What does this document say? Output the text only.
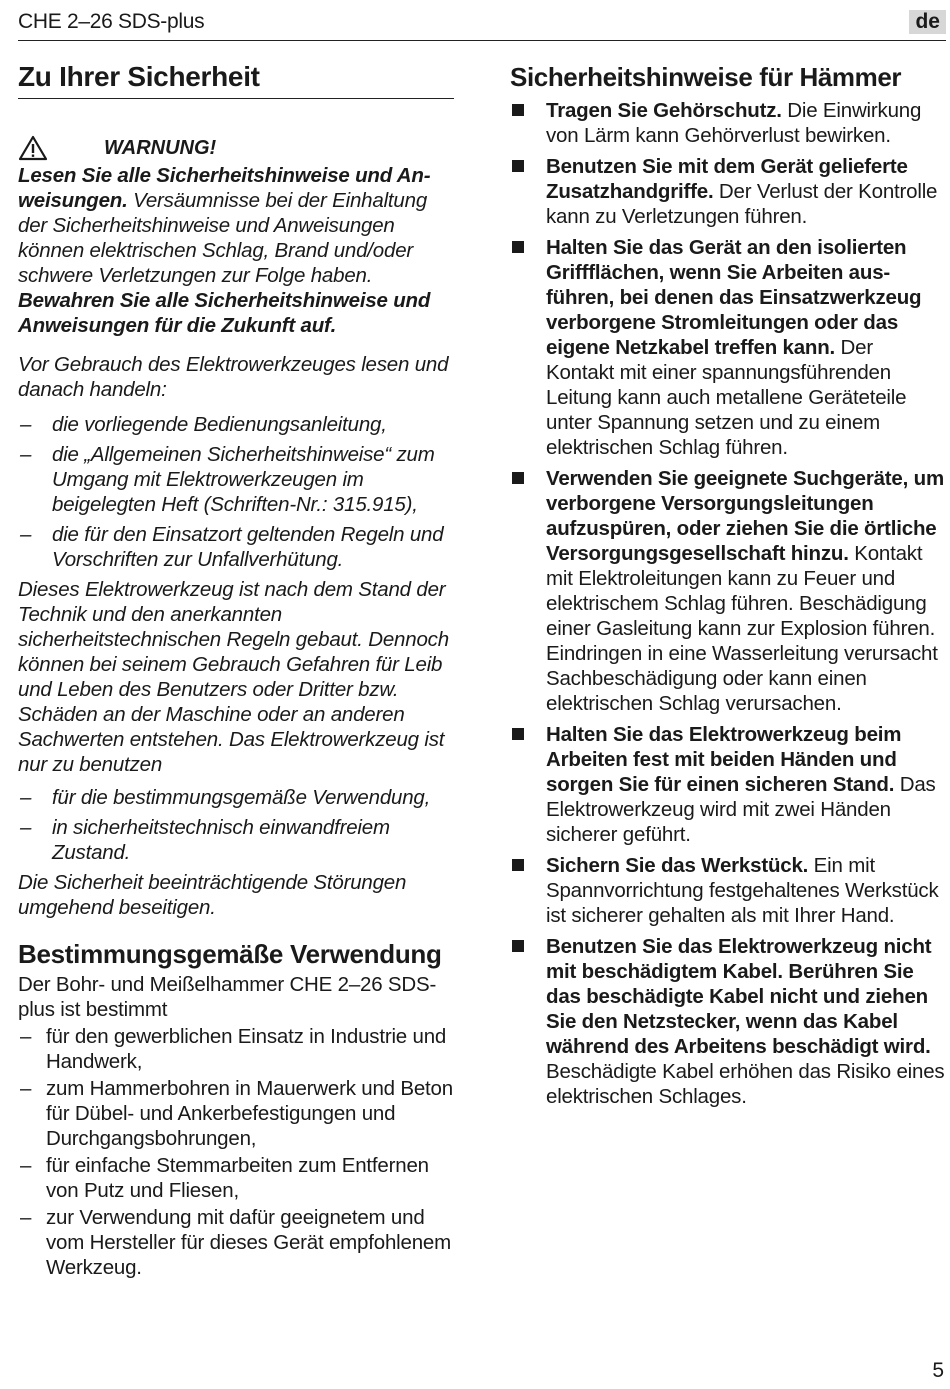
CHE 2–26 SDS-plus	de
Zu Ihrer Sicherheit
WARNUNG!

Lesen Sie alle Sicherheitshinweise und Anweisungen. Versäumnisse bei der Einhaltung der Sicherheitshinweise und Anweisungen können elektrischen Schlag, Brand und/oder schwere Verletzungen zur Folge haben.

Bewahren Sie alle Sicherheitshinweise und Anweisungen für die Zukunft auf.

Vor Gebrauch des Elektrowerkzeuges lesen und danach handeln:

– die vorliegende Bedienungsanleitung,
– die „Allgemeinen Sicherheitshinweise“ zum Umgang mit Elektrowerkzeugen im beigelegten Heft (Schriften-Nr.: 315.915),
– die für den Einsatzort geltenden Regeln und Vorschriften zur Unfallverhütung.

Dieses Elektrowerkzeug ist nach dem Stand der Technik und den anerkannten sicherheitstechnischen Regeln gebaut. Dennoch können bei seinem Gebrauch Gefahren für Leib und Leben des Benutzers oder Dritter bzw. Schäden an der Maschine oder an anderen Sachwerten entstehen. Das Elektrowerkzeug ist nur zu benutzen

– für die bestimmungsgemäße Verwendung,
– in sicherheitstechnisch einwandfreiem Zustand.

Die Sicherheit beeinträchtigende Störungen umgehend beseitigen.

Bestimmungsgemäße Verwendung

Der Bohr- und Meißelhammer CHE 2–26 SDS-plus ist bestimmt

– für den gewerblichen Einsatz in Industrie und Handwerk,
– zum Hammerbohren in Mauerwerk und Beton für Dübel- und Ankerbefestigungen und Durchgangsbohrungen,
– für einfache Stemmarbeiten zum Entfernen von Putz und Fliesen,
– zur Verwendung mit dafür geeignetem und vom Hersteller für dieses Gerät empfohlenem Werkzeug.
Sicherheitshinweise für Hämmer
Tragen Sie Gehörschutz. Die Einwirkung von Lärm kann Gehörverlust bewirken.
Benutzen Sie mit dem Gerät gelieferte Zusatzhandgriffe. Der Verlust der Kontrolle kann zu Verletzungen führen.
Halten Sie das Gerät an den isolierten Griffflächen, wenn Sie Arbeiten ausführen, bei denen das Einsatzwerkzeug verborgene Stromleitungen oder das eigene Netzkabel treffen kann. Der Kontakt mit einer spannungsführenden Leitung kann auch metallene Geräteteile unter Spannung setzen und zu einem elektrischen Schlag führen.
Verwenden Sie geeignete Suchgeräte, um verborgene Versorgungsleitungen aufzuspüren, oder ziehen Sie die örtliche Versorgungsgesellschaft hinzu. Kontakt mit Elektroleitungen kann zu Feuer und elektrischem Schlag führen. Beschädigung einer Gasleitung kann zur Explosion führen. Eindringen in eine Wasserleitung verursacht Sachbeschädigung oder kann einen elektrischen Schlag verursachen.
Halten Sie das Elektrowerkzeug beim Arbeiten fest mit beiden Händen und sorgen Sie für einen sicheren Stand. Das Elektrowerkzeug wird mit zwei Händen sicherer geführt.
Sichern Sie das Werkstück. Ein mit Spannvorrichtung festgehaltenes Werkstück ist sicherer gehalten als mit Ihrer Hand.
Benutzen Sie das Elektrowerkzeug nicht mit beschädigtem Kabel. Berühren Sie das beschädigte Kabel nicht und ziehen Sie den Netzstecker, wenn das Kabel während des Arbeitens beschädigt wird. Beschädigte Kabel erhöhen das Risiko eines elektrischen Schlages.
5
